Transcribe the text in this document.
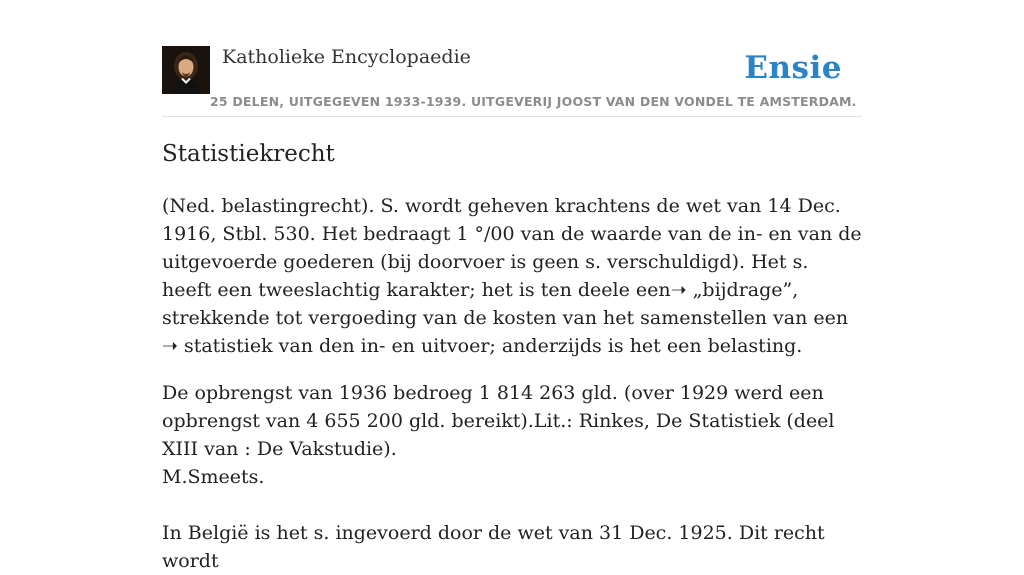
Katholieke Encyclopaedie	Ensie
25 DELEN, UITGEGEVEN 1933-1939. UITGEVERIJ JOOST VAN DEN VONDEL TE AMSTERDAM.
Statistiekrecht

(Ned. belastingrecht). S. wordt geheven krachtens de wet van 14 Dec. 1916, Stbl. 530. Het bedraagt 1 °/00 van de waarde van de in- en van de uitgevoerde goederen (bij doorvoer is geen s. verschuldigd). Het s. heeft een tweeslachtig karakter; het is ten deele een➝ „bijdrage”, strekkende tot vergoeding van de kosten van het samenstellen van een ➝ statistiek van den in- en uitvoer; anderzijds is het een belasting.

De opbrengst van 1936 bedroeg 1 814 263 gld. (over 1929 werd een opbrengst van 4 655 200 gld. bereikt).Lit.: Rinkes, De Statistiek (deel XIII van : De Vakstudie).

M.Smeets.

In België is het s. ingevoerd door de wet van 31 Dec. 1925. Dit recht wordt
